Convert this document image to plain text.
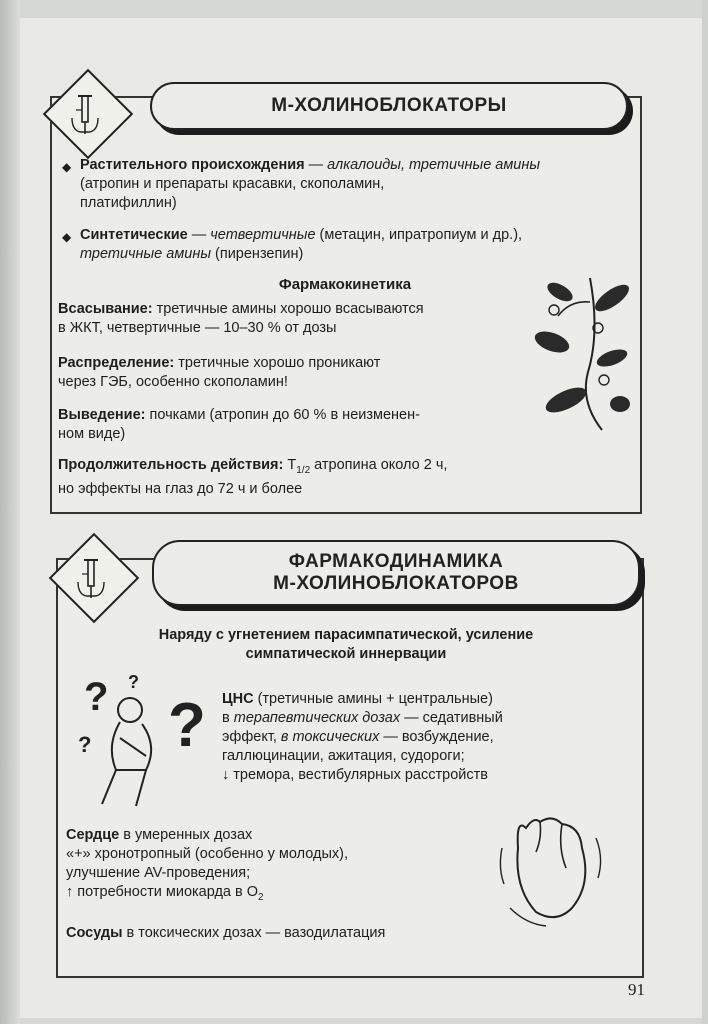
М-ХОЛИНОБЛОКАТОРЫ
◆ Растительного происхождения — алкалоиды, третичные амины (атропин и препараты красавки, скополамин,
платифиллин)
◆ Синтетические — четвертичные (метацин, ипратропиум и др.),
третичные амины (пирензепин)
Фармакокинетика
Всасывание: третичные амины хорошо всасываются
в ЖКТ, четвертичные — 10–30 % от дозы
Распределение: третичные хорошо проникают
через ГЭБ, особенно скополамин!
Выведение: почками (атропин до 60 % в неизменен-
ном виде)
Продолжительность действия: $T_{1/2}$ атропина около 2 ч,
но эффекты на глаз до 72 ч и более
ФАРМАКОДИНАМИКА
М-ХОЛИНОБЛОКАТОРОВ
Наряду с угнетением парасимпатической, усиление
симпатической иннервации
? ?
?
?
ЦНС (третичные амины + центральные)
в терапевтических дозах — седативный
эффект, в токсических — возбуждение,
галлюцинации, ажитация, судороги;
↓ тремора, вестибулярных расстройств
Сердце в умеренных дозах
«+» хронотропный (особенно у молодых),
улучшение AV-проведения;
↑ потребности миокарда в $O_2$
Сосуды в токсических дозах — вазодилатация
91
